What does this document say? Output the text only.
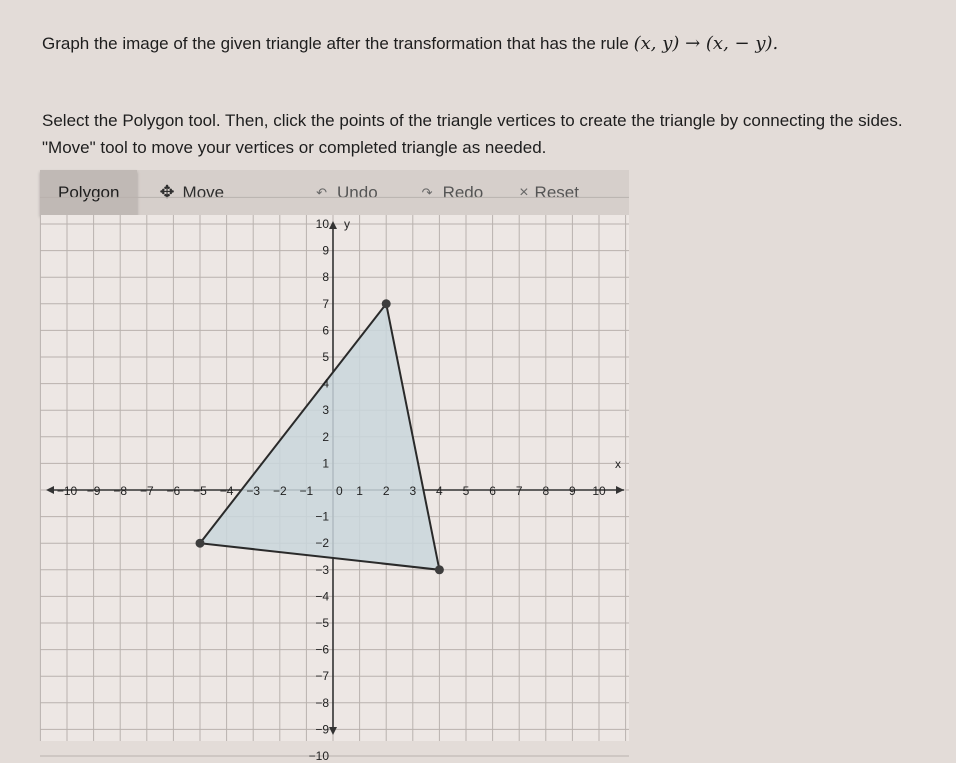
Graph the image of the given triangle after the transformation that has the rule (x, y) → (x, − y).

Select the Polygon tool. Then, click the points of the triangle vertices to create the triangle by connecting the sides.

"Move" tool to move your vertices or completed triangle as needed.

Polygon ✥ Move	↶ Undo	↷ Redo × Reset
−10 −9 −8 −7 −6 −5 −4 −3 −2 −1	1 2 3 4 5 6 7 8 9 10
10
9
8
7
6
5
4
3
2
1
−1
−2
−3
−4
−5
−6
−7
−8
−9
−10
0
x
y
